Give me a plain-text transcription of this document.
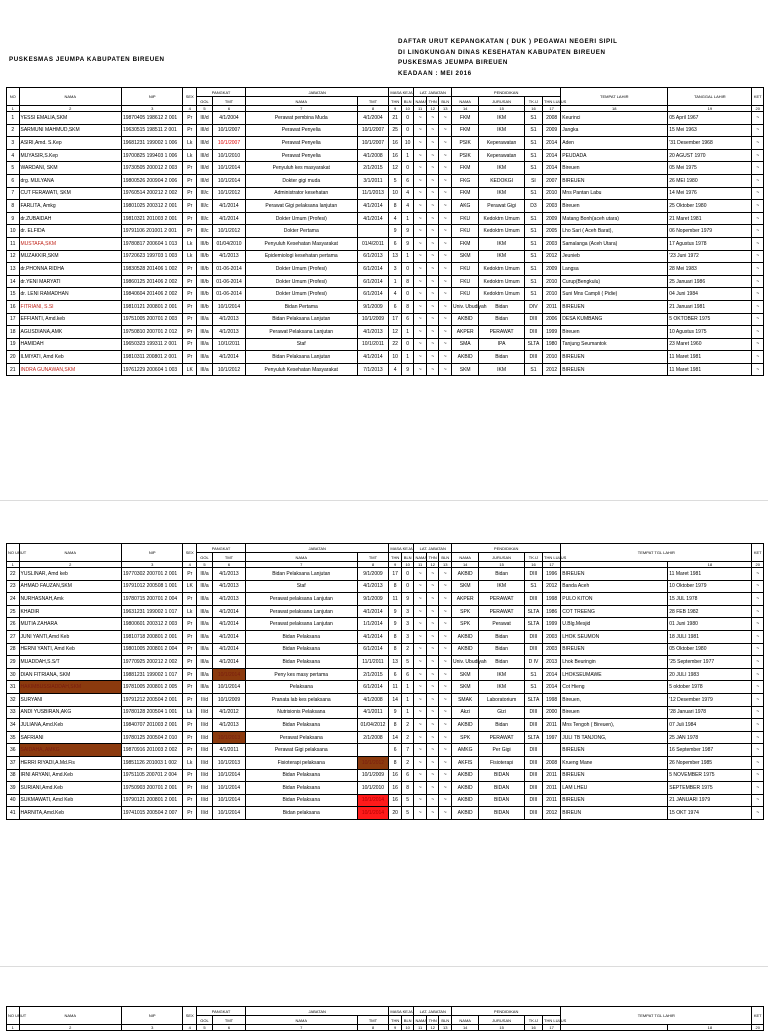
DAFTAR URUT KEPANGKATAN ( DUK ) PEGAWAI NEGERI SIPIL
DI LINGKUNGAN DINAS KESEHATAN KABUPATEN BIREUEN
PUSKESMAS JEUMPA BIREUEN
KEADAAN : MEI 2016
PUSKESMAS JEUMPA KABUPATEN BIREUEN
NO	NAMA	NIP	SEX	PANGKAT		JABATAN		MASA KEJA		LAT. JABATAN			PENDIDIKAN				TEMPAT LAHIR	TANGGAL LAHIR	KET
				GOL	TMT	NAMA	TMT	THN	BLN	NAMA	THN	BLN	NAMA	JURUSAN	TK.IJ	THN LULUS			
1	2	3	4	5	6	7	8	9	10	11	12	13	14	15	16	17	18	19	20
1	YESSI EMALIA,SKM	19870405 198612 2 001	Pr	III/d	4/1/2004	Perawat pembina Muda	4/1/2004	21	0	~	~	~	FKM	IKM	S1	2008	Keurinci	05 April 1967	~
2	SARMUNI MAHMUD,SKM	19630515 198511 2 001	Pr	III/d	10/1/2007	Perawat Penyelia	10/1/2007	25	0	~	~	~	FKM	IKM	S1	2009	Jangka	15 Mei 1963	~
3	ASIRI,Amd. S.Kep	19681231 199002 1 006	Lk	III/d	10/1/2007	Perawat Penyelia	10/1/2007	16	10	~	~	~	PSIK	Keperawatan	S1	2014	Aden	'31 Desember 1968	~
4	MUYASIR,S.Kep	19700825 199403 1 006	Lk	III/d	10/1/2010	Perawat Penyelia	4/1/2008	16	1	~	~	~	PSIK	Keperawatan	S1	2014	PEUDADA	20 AGUST 1970	~
5	WARDANI, SKM	19730505 200012 2 003	Pr	III/d	10/1/2014	Penyuluh kes masyarakat	2/1/2015	12	0	~	~	~	FKM	IKM	S1	2014	Bireuen	05 Mei 1975	~
6	drg. MULYANA	19800526 200904 2 006	Pr	III/d	10/1/2014	Dokter gigi muda	3/1/2011	5	6	~	~	~	FKG	KEDOKGI	SI	2007	BIREUEN	26 MEI 1980	~
7	CUT FERAWATI, SKM	19760514 200212 2 002	Pr	III/c	10/1/2012	Administrator kesehatan	11/1/2013	10	4	~	~	~	FKM	IKM	S1	2010	Mns Pantan Labu	14 Mei 1976	~
8	FARLITA, Amkg	19801025 200312 2 001	Pr	III/c	4/1/2014	Perawat Gigi pelaksana lanjutan	4/1/2014	8	4	~	~	~	AKG	Perawat Gigi	D3	2003	Bireuen	25 Oktober 1980	~
9	dr.ZUBAIDAH	19810321 201003 2 001	Pr	III/c	4/1/2014	Dokter Umum (Profesi)	4/1/2014	4	1	~	~	~	FKU	Kedoktrn Umum	S1	2009	Matang Bonh(aceh utara)	21 Maret 1981	~
10	dr. ELFIDA	19791106 201001 2 001	Pr	III/c	10/1/2012	Dokter Pertama		9	9	~	~	~	FKU	Kedoktrn Umum	S1	2005	Lho Sari ( Aceh Barat),	06 Nopember 1979	~
11	MUSTAFA,SKM	19780817 200604 1 013	Lk	III/b	01/04/2010	Penyuluh Kesehatan Masyarakat	01/4/2011	6	9	~	~	~	FKM	IKM	S1	2003	Samalanga (Aceh Utara)	17 Agustus 1978	~
12	MUZAKKIR,SKM	19720623 199703 1 003	Lk	III/b	4/1/2013	Epidemiologi kesehatan pertama	6/1/2013	13	1	~	~	~	SKM	IKM	S1	2012	Jeunieb	'23 Juni 1972	~
13	dr.PHONNA RIDHA	19830528 201406 1 002	Pr	III/b	01-06-2014	Dokter Umum (Profesi)	6/1/2014	3	0	~	~	~	FKU	Kedoktrn Umum	S1	2009	Langsa	28 Mei 1983	~
14	dr.YENI MARYATI	19860125 201406 2 002	Pr	III/b	01-06-2014	Dokter Umum (Profesi)	6/1/2014	1	8	~	~	~	FKU	Kedoktrn Umum	S1	2010	Curup(Bengkulu)	25 Januari 1986	~
15	dr. LENI RAMADHAN	19840604 201406 2 002	Pr	III/b	01-06-2014	Dokter Umum (Profesi)	6/1/2014	4	0	~	~	~	FKU	Kedoktrn Umum	S1	2010	Suni Mns Campli ( Pidie)	04 Juni 1984	~
16	FITRIANI, S.SI	19810121 200801 2 001	Pr	III/b	10/1/2014	Bidan Pertama	9/1/2009	6	8	~	~	~	Univ. Ubudiyah	Bidan	DIV	2011	BIREUEN	21 Januari 1981	~
17	EFFIANTI, Amd.keb	19751005 200701 2 003	Pr	III/a	4/1/2013	Bidan Pelaksana Lanjutan	10/1/2009	17	6	~	~	~	AKBID	Bidan	DIII	2006	DESA KUMBANG	5 OKTOBER 1975	~
18	AGUSDIANA,AMK	19750810 200701 2 012	Pr	III/a	4/1/2013	Perawat Pelaksana Lanjutan	4/1/2013	12	1	~	~	~	AKPER	PERAWAT	DIII	1999	Bireuen	10 Agustus 1975	~
19	HAMIDAH	19650323 199311 2 001	Pr	III/a	10/1/2011	Staf	10/1/2011	22	0	~	~	~	SMA	IPA	SLTA	1980	Tanjung Seumantok	23 Maret 1960	~
20	ILMIYATI, Amd Keb	19810311 200801 2 001	Pr	III/a	4/1/2014	Bidan Pelaksana Lanjutan	4/1/2014	10	1	~	~	~	AKBID	Bidan	DIII	2010	BIREUEN	11 Maret 1981	~
21	INDRA GUNAWAN,SKM	19761229 200604 1 003	LK	III/a	10/1/2012	Penyuluh Kesehatan Masyarakat	7/1/2013	4	9	~	~	~	SKM	IKM	S1	2012	BIREUEN	11 Maret 1981	~
NO URUT	NAMA	NIP	SEX	PANGKAT		JABATAN		MASA KEJA		LAT. JABATAN			PENDIDIKAN				TEMPAT TGL LAHIR		KET
				GOL	TMT	NAMA	TMT	THN	BLN	NAMA	THN	BLN	NAMA	JURUSAN	TK.IJ	THN LULUS			
1	2	3	4	5	6	7	8	9	10	11	12	13	14	15	16	17		18	20
22	YUSLINAR, Amd keb	19770302 200701 2 001	Pr	III/a	4/1/2013	Bidan Pelaksana Lanjutan	9/1/2009	17	0	~	~	~	AKBID	Bidan	DIII	1996	BIREUEN	11 Maret 1981	~
23	AHMAD FAUZAN,SKM	19791012 200508 1 001	LK	III/a	4/1/2013	Staf	4/1/2013	8	0	~	~	~	SKM	IKM	S1	2012	Banda Aceh	10 Oktober 1979	~
24	NURHASNAH,Amk	19780715 200701 2 004	Pr	III/a	4/1/2013	Perawat pelaksana Lanjutan	9/1/2009	11	9	~	~	~	AKPER	PERAWAT	DIII	1998	PULO KITON	15 JUL 1978	~
25	KHADIR	19631231 199002 1 017	Lk	III/a	4/1/2014	Perawat pelaksana Lanjutan	4/1/2014	9	3	~	~	~	SPK	PERAWAT	SLTA	1986	COT TREENG	28 FEB 1982	~
26	MUTIA ZAHARA	19800601 200312 2 003	Pr	III/a	4/1/2014	Perawat pelaksana Lanjutan	1/1/2014	9	3	~	~	~	SPK	Perawat	SLTA	1999	U.Blg.Mesjid	01 Juni 1980	~
27	JUNI YANTI,Amd Keb	19810718 200801 2 001	Pr	III/a	4/1/2014	Bidan Pelaksana	4/1/2014	8	3	~	~	~	AKBID	Bidan	DIII	2003	LHOK SEUMON	18 JULI 1981	~
28	HERNI YANTI, Amd Keb	19801005 200801 2 004	Pr	III/a	4/1/2014	Bidan Pelaksana	6/1/2014	8	2	~	~	~	AKBID	Bidan	DIII	2003	BIREUEN	05 Oktober 1980	~
29	MUADDAH,S.S/T	19770925 200212 2 002	Pr	III/a	4/1/2014	Bidan Pelaksana	11/1/2011	13	5	~	~	~	Univ. Ubudiyah	Bidan	D IV	2013	Lhok Beuringin	'25 September 1977	~
30	DIAN FITRIANA, SKM	19881231 199002 1 017	Pr	III/a	10/1/2014	Peny kes masy pertama	2/1/2015	6	6	~	~	~	SKM	IKM	S1	2014	LHOKSEUMAWE	20 JULI 1983	~
31	HAKIMBUSSIADDAH,SKM	19781005 200801 2 005	Pr	III/a	10/1/2014	Pelaksana	6/1/2014	11	1	~	~	~	SKM	IKM	S1	2014	Cot Hieng	5 oktober 1978	~
32	SURYANI	19791212 200504 2 001	Pr	II/d	10/1/2009	Pranata lab kes pelaksana	4/1/2008	14	1	~	~	~	SMAK	Laboratorium	SLTA	1998	Bireuen,	'12 Desember 1979	~
33	ANDI YUSBIRAN,AKG	19780128 200504 1 001	Lk	II/d	4/1/2012	Nutrisionis Pelaksana	4/1/2011	9	1	~	~	~	Akzi	Gizi	DIII	2000	Bireuen	'28 Januari 1978	~
34	JULIANA,Amd.Keb	19840707 201003 2 001	Pr	II/d	4/1/2013	Bidan Pelaksana	01/04/2012	8	2	~	~	~	AKBID	Bidan	DIII	2011	Mns Tengoh ( Bireuen),	07 Juli 1984	~
35	SAFRIANI	19780125 200504 2 010	Pr	II/d	10/1/2013	Perawat Pelaksana	2/1/2008	14	2	~	~	~	SPK	PERAWAT	SLTA	1997	JULI TB TANJONG,	25 JAN 1978	~
36	SAIDAHA, AMKG	19870916 201003 2 002	Pr	II/d	4/1/2011	Perawat Gigi pelaksana		6	7	~	~	~	AMKG	Per Gigi	DIII		BIREUEN	16 September 1987	~
37	HERRI RIYADI,A.Md.Fis	19851126 201003 1 002	Lk	II/d	10/1/2013	Fisioterapi pelaksana	10/1/2012	8	2	~	~	~	AKFIS	Fisioterapi	DIII	2008	Krueng Mane	26 Nopember 1985	~
38	IRNI ARYANI, Amd.Keb	19751105 200701 2 004	Pr	II/d	10/1/2014	Bidan Pelaksana	10/1/2009	16	6	~	~	~	AKBID	BIDAN	DIII	2011	BIREUEN	5 NOVEMBER 1975	~
39	SURIANI,Amd.Keb	19750903 200701 2 001	Pr	II/d	10/1/2014	Bidan Pelaksana	10/1/2010	16	8	~	~	~	AKBID	BIDAN	DIII	2011	LAM LHEU	SEPTEMBER 1975	~
40	SUKMAWATI, Amd Keb	19790121 200801 2 001	Pr	II/d	10/1/2014	Bidan Pelaksana	10/1/2014	16	5	~	~	~	AKBID	BIDAN	DIII	2011	BIREUEN	21 JANUARI 1979	~
41	HARNITA,Amd.Keb	19741015 200504 2 007	Pr	II/d	10/1/2014	Bidan pelaksana	10/1/2014	20	5	~	~	~	AKBID	BIDAN	DIII	2012	BIREUN	15 OKT 1974	~
NO URUT	NAMA	NIP	SEX	PANGKAT		JABATAN		MASA KEJA		LAT. JABATAN			PENDIDIKAN				TEMPAT TGL LAHIR		KET
				GOL	TMT	NAMA	TMT	THN	BLN	NAMA	THN	BLN	NAMA	JURUSAN	TK.IJ	THN LULUS			
1	2	3	4	5	6	7	8	9	10	11	12	13	14	15	16	17		18	20
